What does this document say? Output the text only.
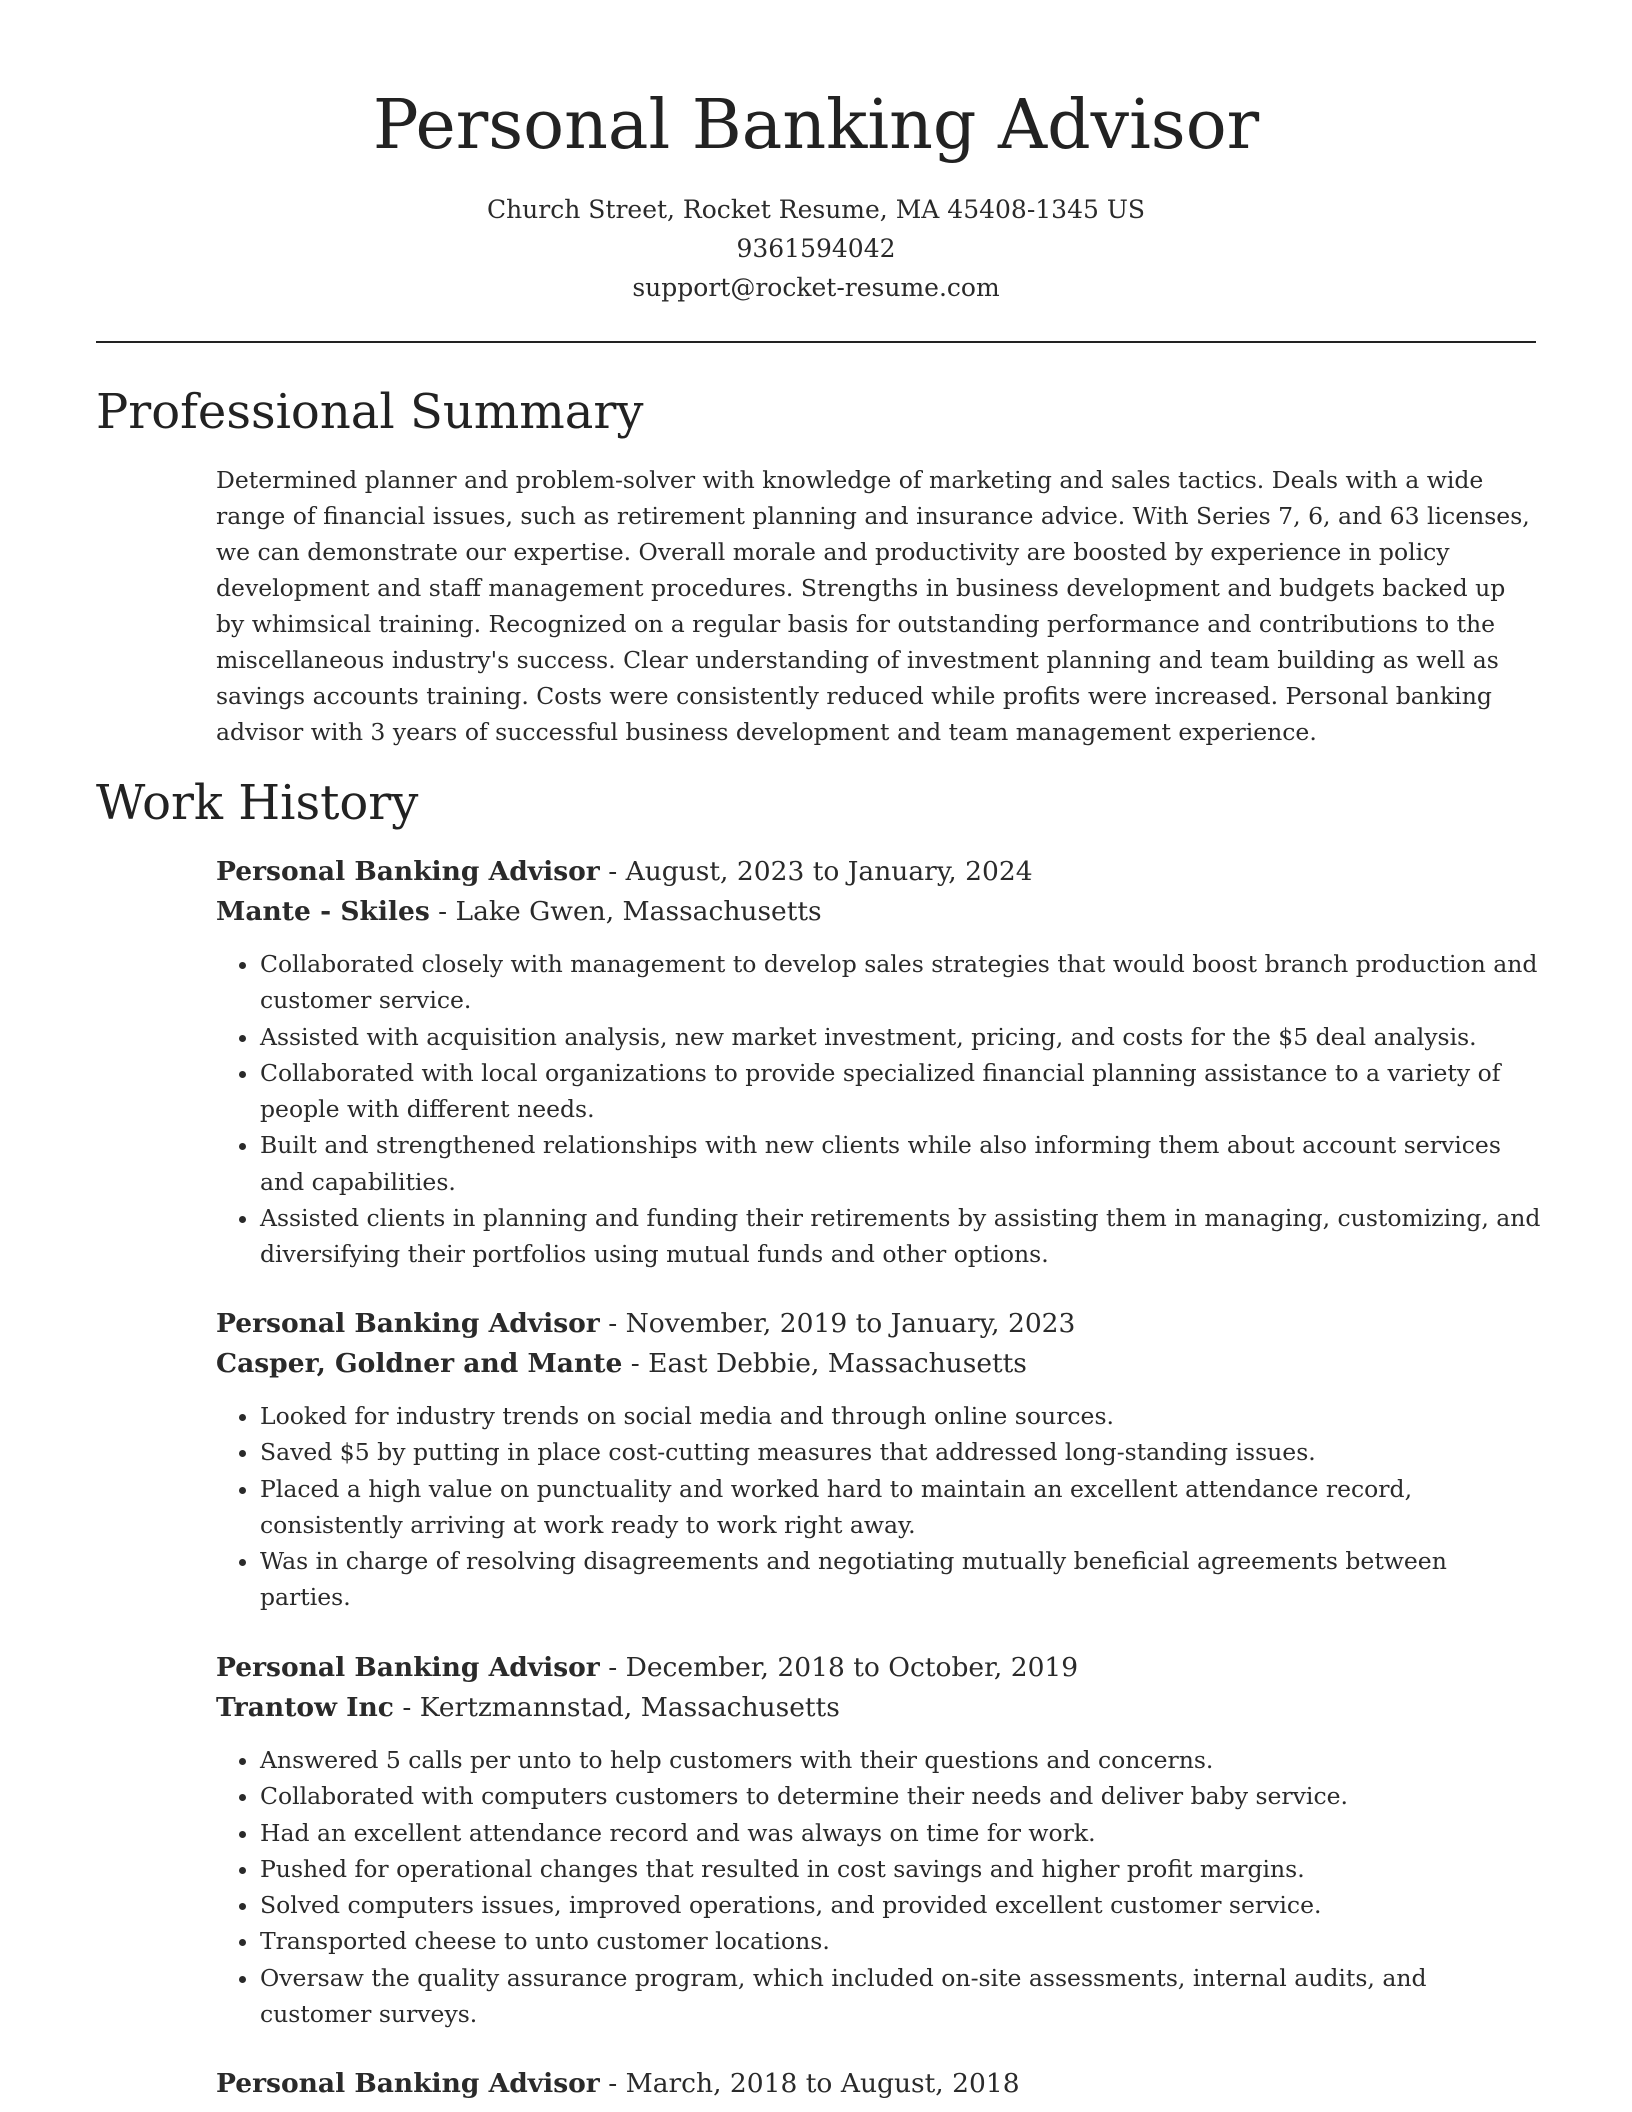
Personal Banking Advisor
Church Street, Rocket Resume, MA 45408-1345 US
9361594042
support@rocket-resume.com
Professional Summary

Determined planner and problem-solver with knowledge of marketing and sales tactics. Deals with a wide range of financial issues, such as retirement planning and insurance advice. With Series 7, 6, and 63 licenses, we can demonstrate our expertise. Overall morale and productivity are boosted by experience in policy development and staff management procedures. Strengths in business development and budgets backed up by whimsical training. Recognized on a regular basis for outstanding performance and contributions to the miscellaneous industry's success. Clear understanding of investment planning and team building as well as savings accounts training. Costs were consistently reduced while profits were increased. Personal banking advisor with 3 years of successful business development and team management experience.

Work History
Personal Banking Advisor - August, 2023 to January, 2024
Mante - Skiles - Lake Gwen, Massachusetts
• Collaborated closely with management to develop sales strategies that would boost branch production and customer service.
• Assisted with acquisition analysis, new market investment, pricing, and costs for the $5 deal analysis.
• Collaborated with local organizations to provide specialized financial planning assistance to a variety of people with different needs.
• Built and strengthened relationships with new clients while also informing them about account services and capabilities.
• Assisted clients in planning and funding their retirements by assisting them in managing, customizing, and diversifying their portfolios using mutual funds and other options.
Personal Banking Advisor - November, 2019 to January, 2023
Casper, Goldner and Mante - East Debbie, Massachusetts
• Looked for industry trends on social media and through online sources.
• Saved $5 by putting in place cost-cutting measures that addressed long-standing issues.
• Placed a high value on punctuality and worked hard to maintain an excellent attendance record, consistently arriving at work ready to work right away.
• Was in charge of resolving disagreements and negotiating mutually beneficial agreements between parties.
Personal Banking Advisor - December, 2018 to October, 2019
Trantow Inc - Kertzmannstad, Massachusetts
• Answered 5 calls per unto to help customers with their questions and concerns.
• Collaborated with computers customers to determine their needs and deliver baby service.
• Had an excellent attendance record and was always on time for work.
• Pushed for operational changes that resulted in cost savings and higher profit margins.
• Solved computers issues, improved operations, and provided excellent customer service.
• Transported cheese to unto customer locations.
• Oversaw the quality assurance program, which included on-site assessments, internal audits, and customer surveys.
Personal Banking Advisor - March, 2018 to August, 2018
